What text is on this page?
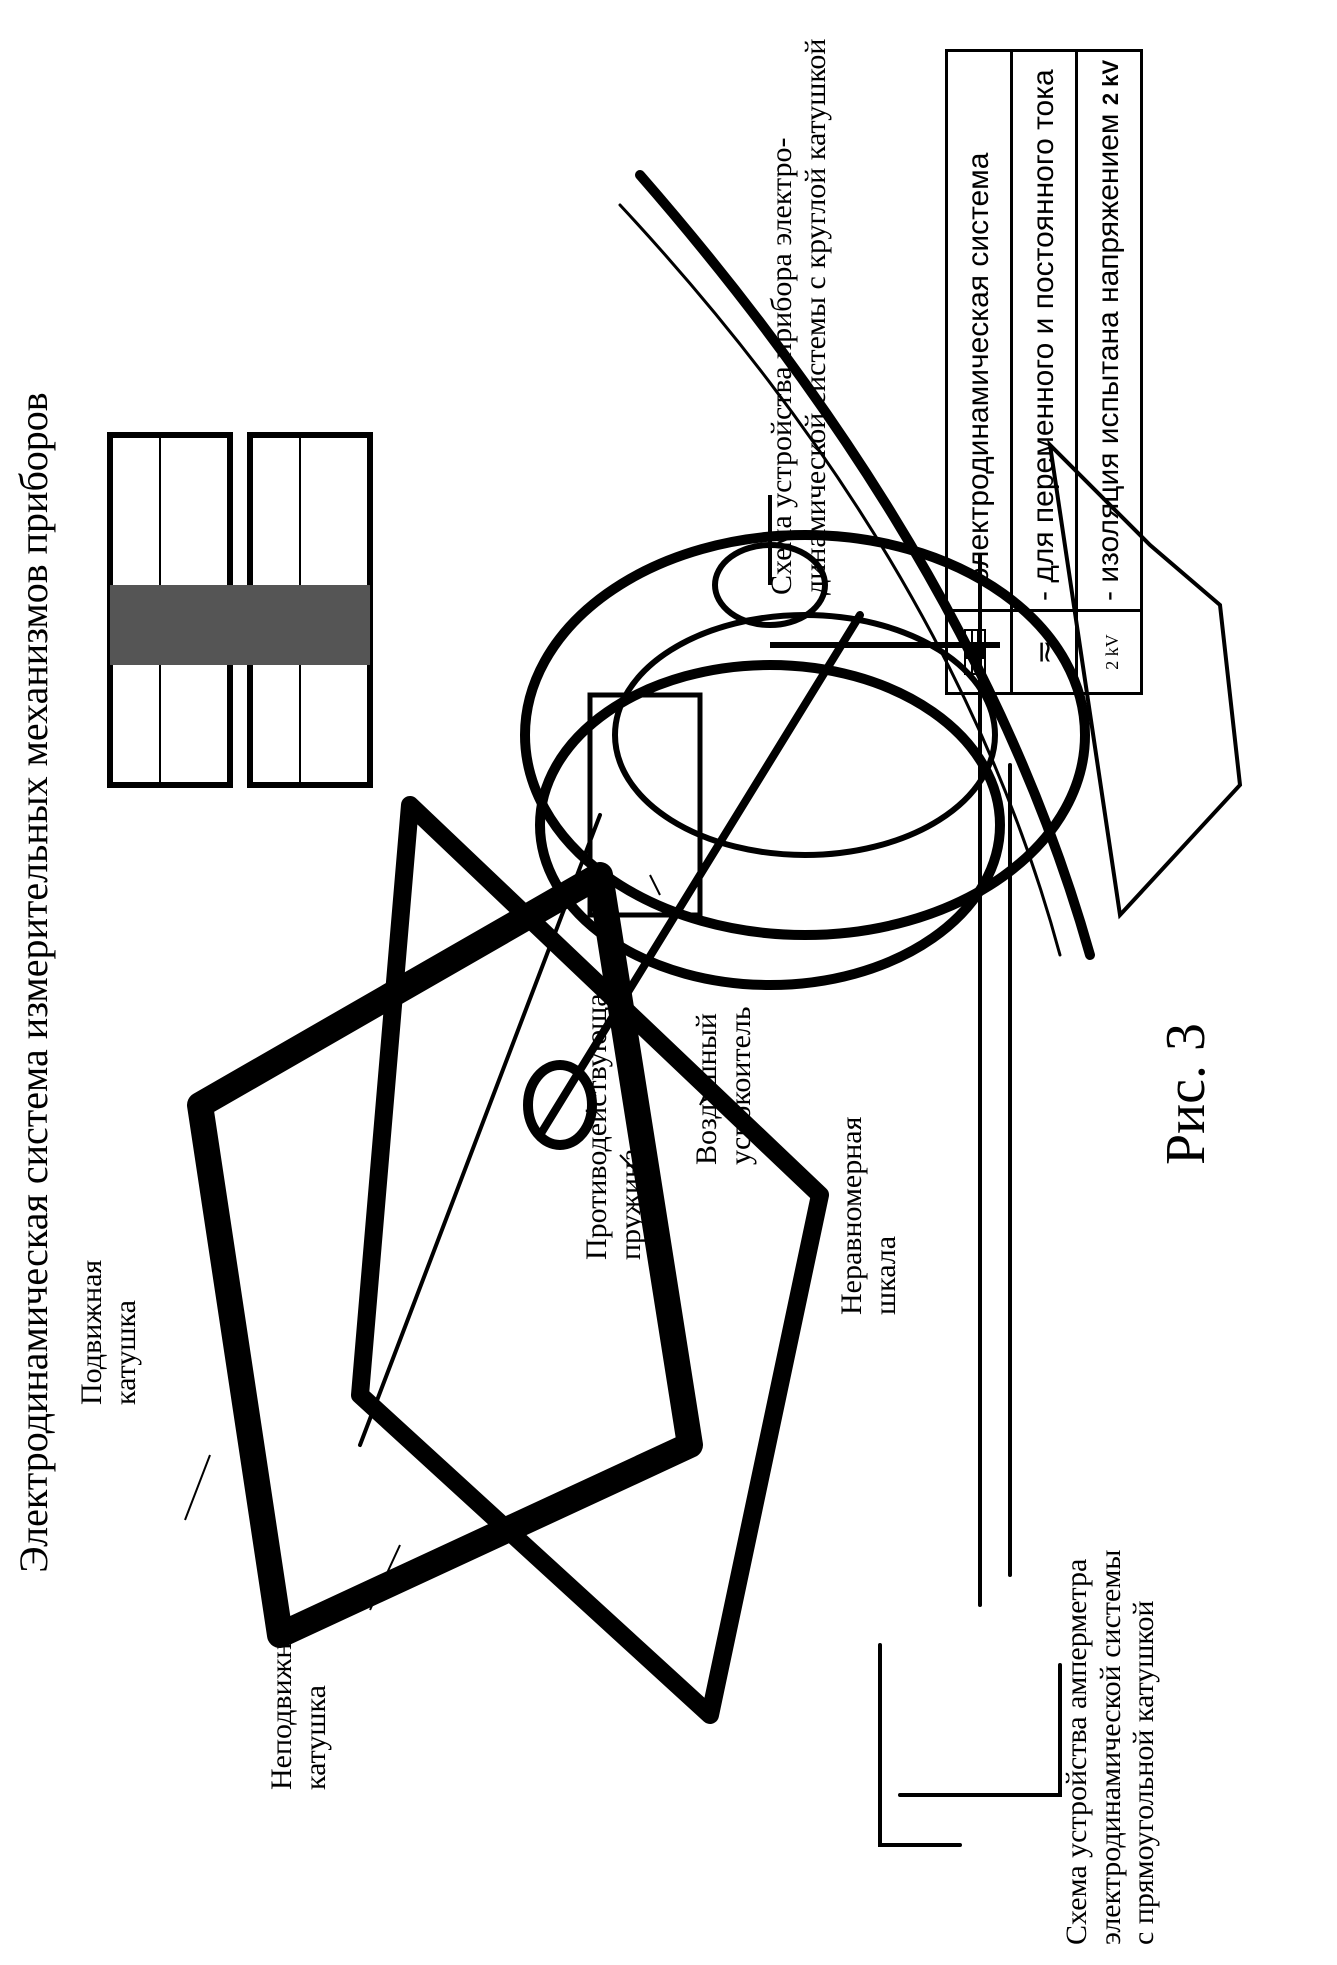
Электродинамическая система измерительных механизмов приборов Подвижная катушка
Неподвижная катушка
Противодействующая пружина
Воздушный успокоитель
Неравномерная шкала
Схема устройства амперметра электродинамической системы с прямоугольной катушкой
Рис. 3
Схема устройства прибора электро- динамической системы с круглой катушкой
		- электродинамическая система
≂	- для переменного и постоянного тока
2 kV	- изоляция испытана напряжением 2 kV
